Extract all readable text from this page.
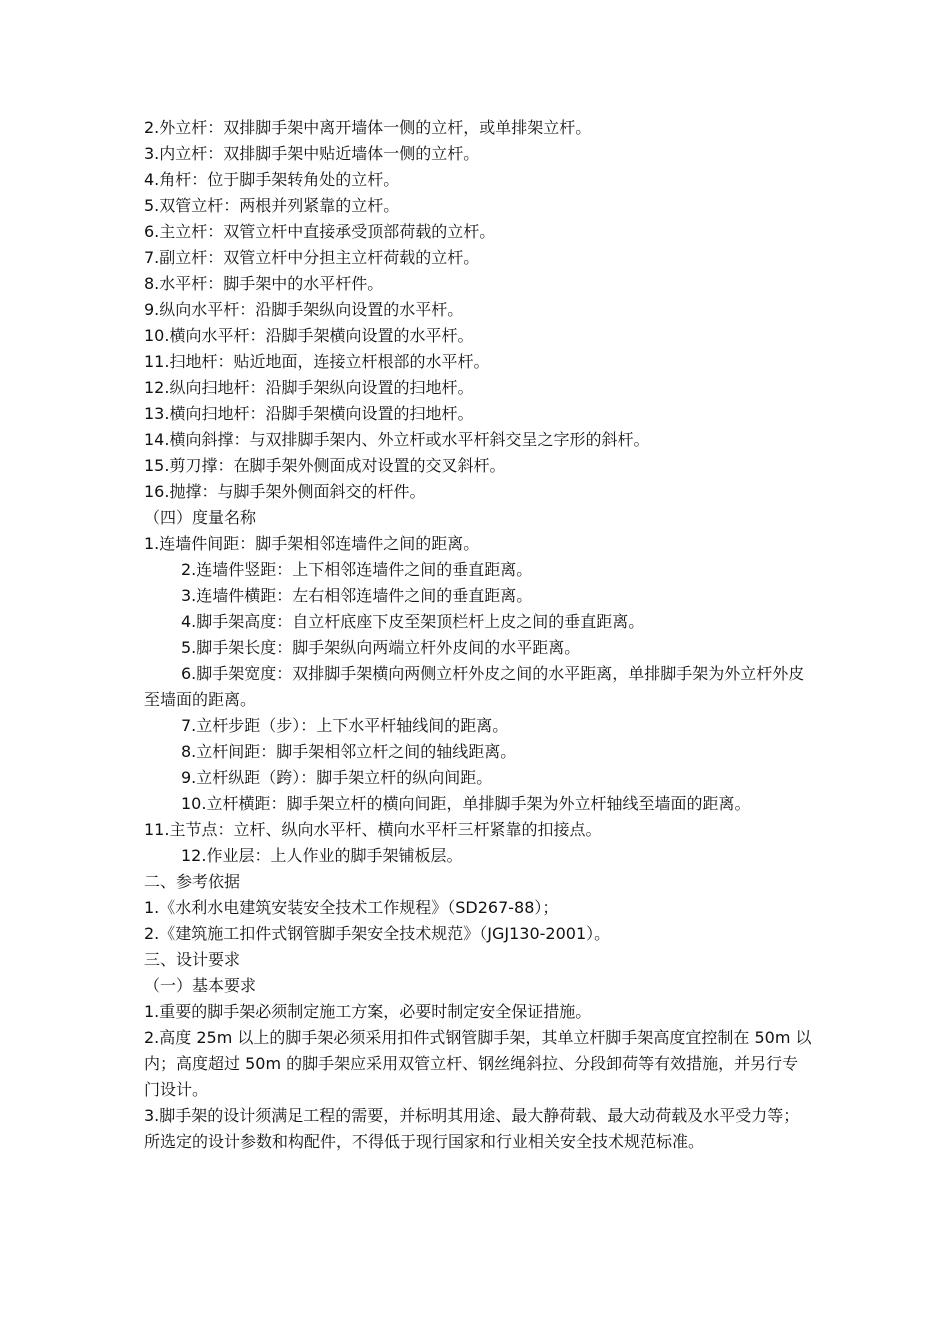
2.外立杆：双排脚手架中离开墙体一侧的立杆，或单排架立杆。

3.内立杆：双排脚手架中贴近墙体一侧的立杆。

4.角杆：位于脚手架转角处的立杆。

5.双管立杆：两根并列紧靠的立杆。

6.主立杆：双管立杆中直接承受顶部荷载的立杆。

7.副立杆：双管立杆中分担主立杆荷载的立杆。

8.水平杆：脚手架中的水平杆件。

9.纵向水平杆：沿脚手架纵向设置的水平杆。

10.横向水平杆：沿脚手架横向设置的水平杆。

11.扫地杆：贴近地面，连接立杆根部的水平杆。

12.纵向扫地杆：沿脚手架纵向设置的扫地杆。

13.横向扫地杆：沿脚手架横向设置的扫地杆。

14.横向斜撑：与双排脚手架内、外立杆或水平杆斜交呈之字形的斜杆。

15.剪刀撑：在脚手架外侧面成对设置的交叉斜杆。

16.抛撑：与脚手架外侧面斜交的杆件。

（四）度量名称

1.连墙件间距：脚手架相邻连墙件之间的距离。

2.连墙件竖距：上下相邻连墙件之间的垂直距离。

3.连墙件横距：左右相邻连墙件之间的垂直距离。

4.脚手架高度：自立杆底座下皮至架顶栏杆上皮之间的垂直距离。

5.脚手架长度：脚手架纵向两端立杆外皮间的水平距离。

6.脚手架宽度：双排脚手架横向两侧立杆外皮之间的水平距离，单排脚手架为外立杆外皮至墙面的距离。

7.立杆步距（步）：上下水平杆轴线间的距离。

8.立杆间距：脚手架相邻立杆之间的轴线距离。

9.立杆纵距（跨）：脚手架立杆的纵向间距。

10.立杆横距：脚手架立杆的横向间距，单排脚手架为外立杆轴线至墙面的距离。

11.主节点：立杆、纵向水平杆、横向水平杆三杆紧靠的扣接点。

12.作业层：上人作业的脚手架铺板层。

二、参考依据

1.《水利水电建筑安装安全技术工作规程》（SD267-88）；

2.《建筑施工扣件式钢管脚手架安全技术规范》（JGJ130-2001）。

三、设计要求

（一）基本要求

1.重要的脚手架必须制定施工方案，必要时制定安全保证措施。

2.高度 25m 以上的脚手架必须采用扣件式钢管脚手架，其单立杆脚手架高度宜控制在 50m 以内；高度超过 50m 的脚手架应采用双管立杆、钢丝绳斜拉、分段卸荷等有效措施，并另行专门设计。

3.脚手架的设计须满足工程的需要，并标明其用途、最大静荷载、最大动荷载及水平受力等；所选定的设计参数和构配件，不得低于现行国家和行业相关安全技术规范标准。
